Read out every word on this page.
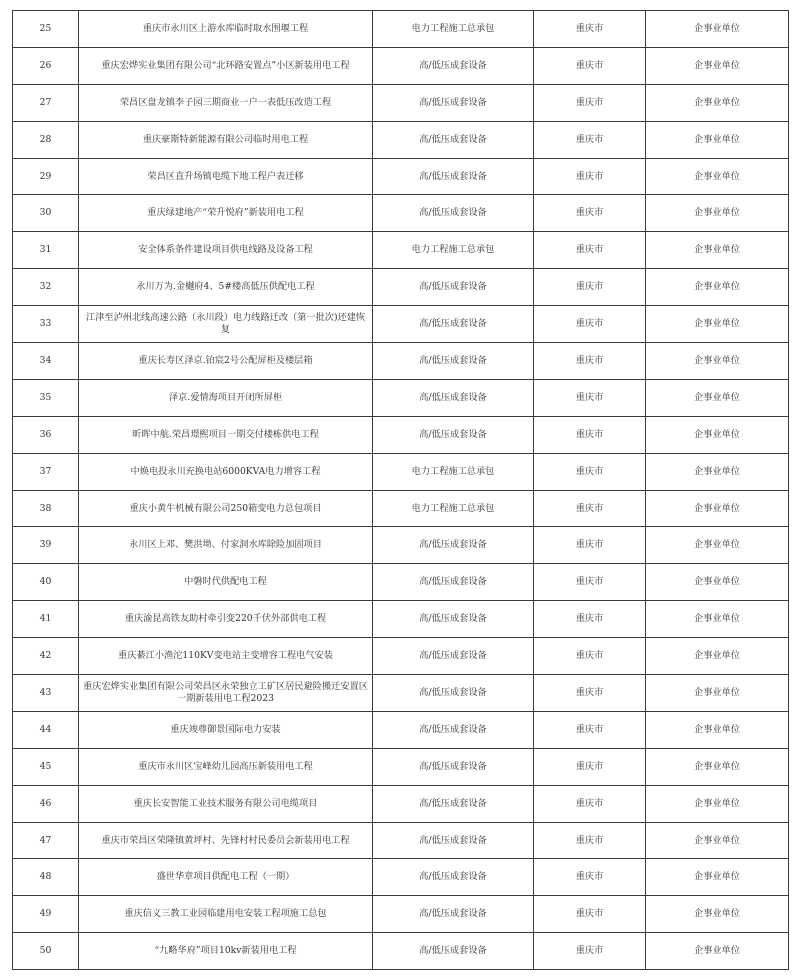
25	重庆市永川区上游水库临时取水围堰工程	电力工程施工总承包	重庆市	企事业单位
26	重庆宏烨实业集团有限公司“北环路安置点”小区新装用电工程	高/低压成套设备	重庆市	企事业单位
27	荣昌区盘龙镇李子园三期商业一户一表低压改造工程	高/低压成套设备	重庆市	企事业单位
28	重庆豪斯特新能源有限公司临时用电工程	高/低压成套设备	重庆市	企事业单位
29	荣昌区直升场镇电缆下地工程户表迁移	高/低压成套设备	重庆市	企事业单位
30	重庆绿建地产“荣升悦府”新装用电工程	高/低压成套设备	重庆市	企事业单位
31	安全体系条件建设项目供电线路及设备工程	电力工程施工总承包	重庆市	企事业单位
32	永川万为.金樾府4、5#楼高低压供配电工程	高/低压成套设备	重庆市	企事业单位
33	江津至泸州北线高速公路（永川段）电力线路迁改（第一批次)还建恢复	高/低压成套设备	重庆市	企事业单位
34	重庆长寿区泽京.铂宸2号公配屏柜及楼层箱	高/低压成套设备	重庆市	企事业单位
35	泽京.爱情海项目开闭所屏柜	高/低压成套设备	重庆市	企事业单位
36	昕晖中航.荣昌璟熙项目一期交付楼栋供电工程	高/低压成套设备	重庆市	企事业单位
37	中焕电投永川充换电站6000KVA电力增容工程	电力工程施工总承包	重庆市	企事业单位
38	重庆小黄牛机械有限公司250箱变电力总包项目	电力工程施工总承包	重庆市	企事业单位
39	永川区上邓、樊洪坳、付家洞水库除险加固项目	高/低压成套设备	重庆市	企事业单位
40	中磐时代供配电工程	高/低压成套设备	重庆市	企事业单位
41	重庆渝昆高铁友助村牵引变220千伏外部供电工程	高/低压成套设备	重庆市	企事业单位
42	重庆綦江小渔沱110KV变电站主变增容工程电气安装	高/低压成套设备	重庆市	企事业单位
43	重庆宏烨实业集团有限公司荣昌区永荣独立工矿区居民避险搬迁安置区一期新装用电工程2023	高/低压成套设备	重庆市	企事业单位
44	重庆竣尊御景国际电力安装	高/低压成套设备	重庆市	企事业单位
45	重庆市永川区宝峰幼儿园高压新装用电工程	高/低压成套设备	重庆市	企事业单位
46	重庆长安智能工业技术服务有限公司电缆项目	高/低压成套设备	重庆市	企事业单位
47	重庆市荣昌区荣隆镇黄坪村、先锋村村民委员会新装用电工程	高/低压成套设备	重庆市	企事业单位
48	盛世华章项目供配电工程（一期）	高/低压成套设备	重庆市	企事业单位
49	重庆信义三教工业园临建用电安装工程项施工总包	高/低压成套设备	重庆市	企事业单位
50	“九略华府”项目10kv新装用电工程	高/低压成套设备	重庆市	企事业单位
